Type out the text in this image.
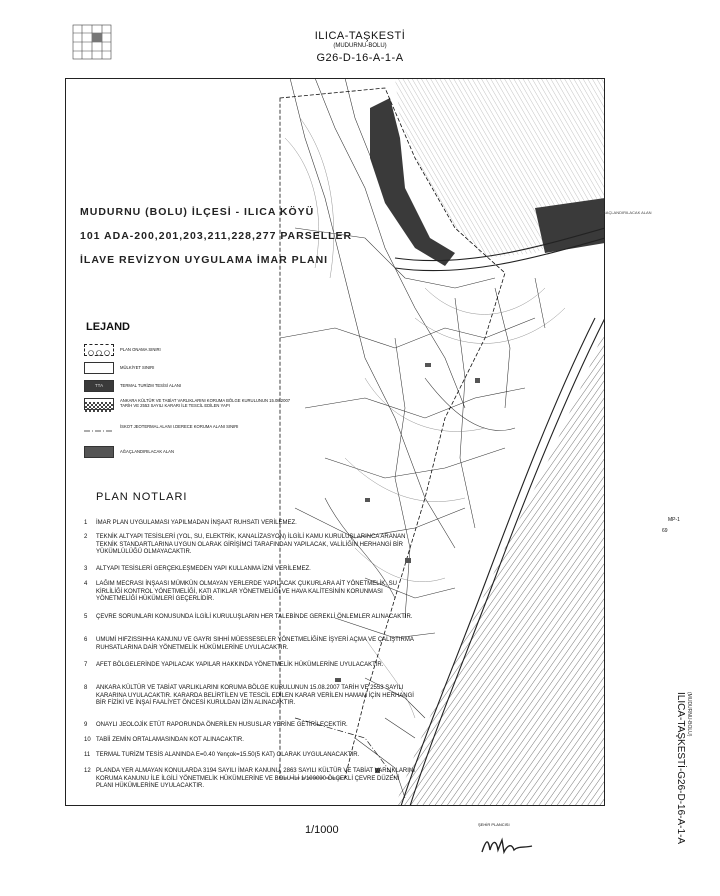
ILICA-TAŞKESTİ
(MUDURNU-BOLU)
G26-D-16-A-1-A
AĞAÇLANDIRILACAK ALAN
MP-1
69
MUDURNU (BOLU) İLÇESİ - ILICA KÖYÜ
101 ADA-200,201,203,211,228,277 PARSELLER
İLAVE REVİZYON UYGULAMA İMAR PLANI
LEJAND
PLAN ONAMA SINIRI
MÜLKİYET SINIRI
TTA	TERMAL TURİZM TESİSİ ALANI
ANKARA KÜLTÜR VE TABİAT VARLIKLARINI KORUMA BÖLGE KURULUNUN 15.08.2007 TARİH VE 2553 SAYILI KARARI İLE TESCİL EDİLEN YAPI
İSKOT JEOTERMAL ALANI I.DERECE KORUMA ALANI SINIRI
AĞAÇLANDIRILACAK ALAN
PLAN NOTLARI
1 İMAR PLAN UYGULAMASI YAPILMADAN İNŞAAT RUHSATI VERİLEMEZ.
2 TEKNİK ALTYAPI TESİSLERİ (YOL, SU, ELEKTRİK, KANALİZASYON) İLGİLİ KAMU KURULUŞLARINCA ARANAN TEKNİK STANDARTLARINA UYGUN OLARAK GİRİŞİMCİ TARAFINDAN YAPILACAK, VALİLİĞİN HERHANGİ BİR YÜKÜMLÜLÜĞÜ OLMAYACAKTIR.
3 ALTYAPI TESİSLERİ GERÇEKLEŞMEDEN YAPI KULLANMA İZNİ VERİLEMEZ.
4 LAĞIM MECRASI İNŞAASI MÜMKÜN OLMAYAN YERLERDE YAPILACAK ÇUKURLARA AİT YÖNETMELİK, SU KİRLİLİĞİ KONTROL YÖNETMELİĞİ, KATI ATIKLAR YÖNETMELİĞİ VE HAVA KALİTESİNİN KORUNMASI YÖNETMELİĞİ HÜKÜMLERİ GEÇERLİDİR.
5 ÇEVRE SORUNLARI KONUSUNDA İLGİLİ KURULUŞLARIN HER TALEBİNDE GEREKLİ ÖNLEMLER ALINACAKTIR.
6 UMUMİ HIFZISSIHHA KANUNU VE GAYRI SIHHİ MÜESSESELER YÖNETMELİĞİNE İŞYERİ AÇMA VE ÇALIŞTIRMA RUHSATLARINA DAİR YÖNETMELİK HÜKÜMLERİNE UYULACAKTIR.
7 AFET BÖLGELERİNDE YAPILACAK YAPILAR HAKKINDA YÖNETMELİK HÜKÜMLERİNE UYULACAKTIR.
8 ANKARA KÜLTÜR VE TABİAT VARLIKLARINI KORUMA BÖLGE KURULUNUN 15.08.2007 TARİH VE 2553 SAYILI KARARINA UYULACAKTIR. KARARDA BELİRTİLEN VE TESCİL EDİLEN KARAR VERİLEN HAMAM İÇİN HERHANGİ BİR FİZİKİ VE İNŞAİ FAALİYET ÖNCESİ KURULDAN İZİN ALINACAKTIR.
9 ONAYLI JEOLOJİK ETÜT RAPORUNDA ÖNERİLEN HUSUSLAR YERİNE GETİRİLECEKTİR.
10 TABİİ ZEMİN ORTALAMASINDAN KOT ALINACAKTIR.
11 TERMAL TURİZM TESİS ALANINDA E=0.40 Yençok=15.50(5 KAT) OLARAK UYGULANACAKTIR.
12 PLANDA YER ALMAYAN KONULARDA 3194 SAYILI İMAR KANUNU, 2863 SAYILI KÜLTÜR VE TABİAT VARLIKLARINI KORUMA KANUNU İLE İLGİLİ YÖNETMELİK HÜKÜMLERİNE VE BOLU İLİ 1/100000 ÖLÇEKLİ ÇEVRE DÜZENİ PLANI HÜKÜMLERİNE UYULACAKTIR.
1/1000	ŞEHİR PLANCISI	ILICA-TAŞKESTİ-G26-D-16-A-1-A (MUDURNU-BOLU)
